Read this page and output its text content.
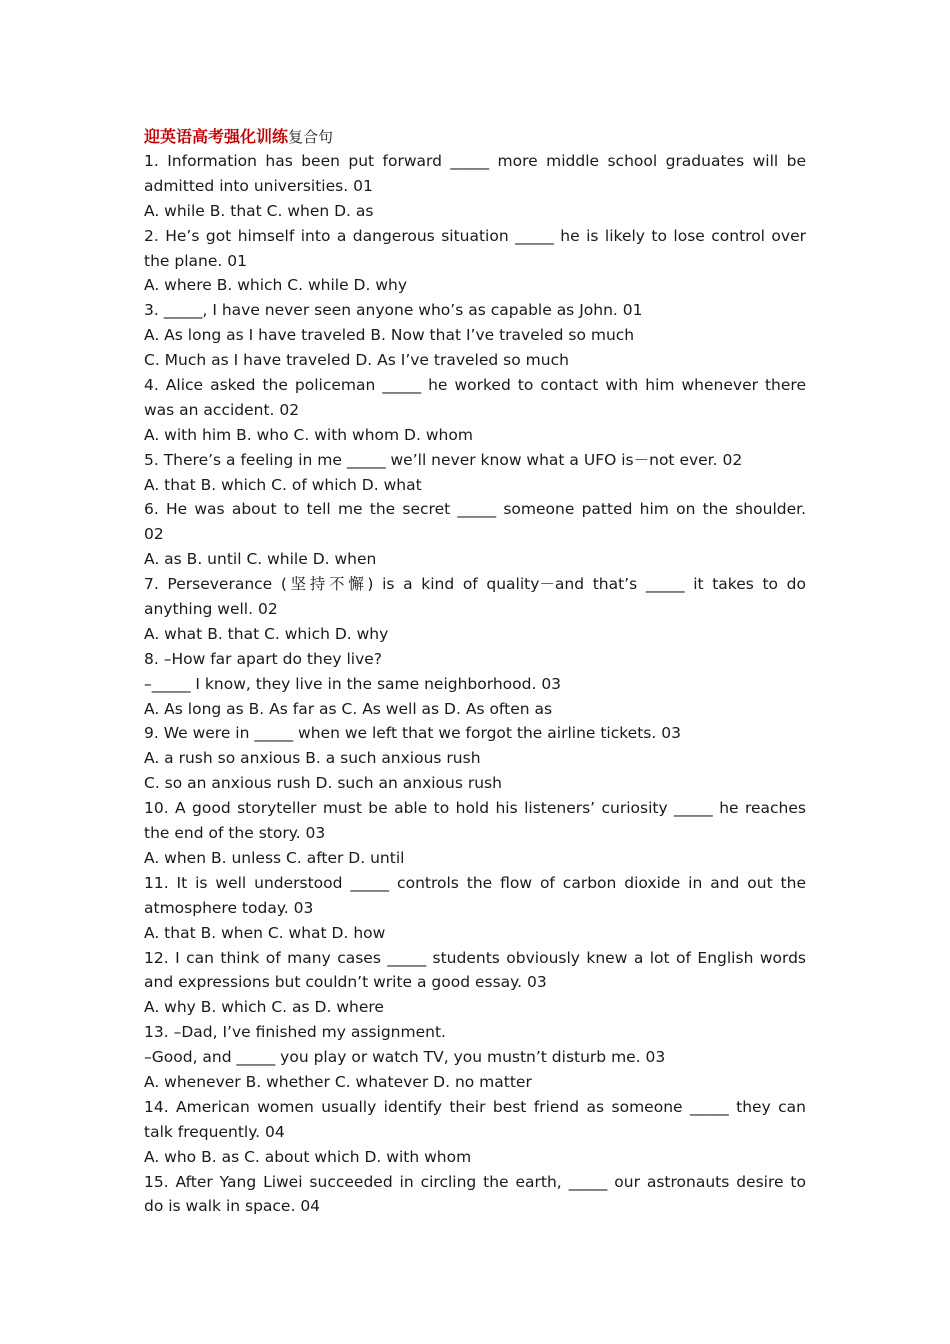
迎英语高考强化训练复合句
1. Information has been put forward _____ more middle school graduates will be
admitted into universities. 01
A. while B. that C. when D. as
2. He’s got himself into a dangerous situation _____ he is likely to lose control over
the plane. 01
A. where B. which C. while D. why
3. _____, I have never seen anyone who’s as capable as John. 01
A. As long as I have traveled B. Now that I’ve traveled so much
C. Much as I have traveled D. As I’ve traveled so much
4. Alice asked the policeman _____ he worked to contact with him whenever there
was an accident. 02
A. with him B. who C. with whom D. whom
5. There’s a feeling in me _____ we’ll never know what a UFO is－not ever. 02
A. that B. which C. of which D. what
6. He was about to tell me the secret _____ someone patted him on the shoulder.
02
A. as B. until C. while D. when
7. Perseverance (坚持不懈) is a kind of quality－and that’s _____ it takes to do
anything well. 02
A. what B. that C. which D. why
8. –How far apart do they live?
–_____ I know, they live in the same neighborhood. 03
A. As long as B. As far as C. As well as D. As often as
9. We were in _____ when we left that we forgot the airline tickets. 03
A. a rush so anxious B. a such anxious rush
C. so an anxious rush D. such an anxious rush
10. A good storyteller must be able to hold his listeners’ curiosity _____ he reaches
the end of the story. 03
A. when B. unless C. after D. until
11. It is well understood _____ controls the flow of carbon dioxide in and out the
atmosphere today. 03
A. that B. when C. what D. how
12. I can think of many cases _____ students obviously knew a lot of English words
and expressions but couldn’t write a good essay. 03
A. why B. which C. as D. where
13. –Dad, I’ve finished my assignment.
–Good, and _____ you play or watch TV, you mustn’t disturb me. 03
A. whenever B. whether C. whatever D. no matter
14. American women usually identify their best friend as someone _____ they can
talk frequently. 04
A. who B. as C. about which D. with whom
15. After Yang Liwei succeeded in circling the earth, _____ our astronauts desire to
do is walk in space. 04
